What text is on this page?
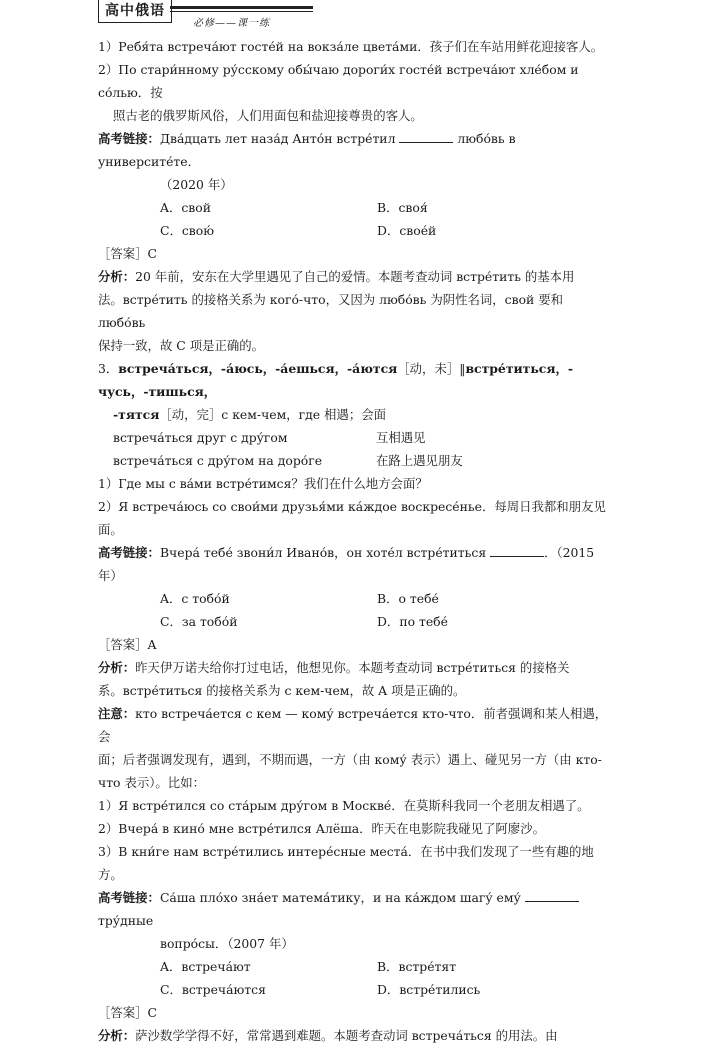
高中俄语
必修——课一练

1）Ребя́та встреча́ют госте́й на вокза́ле цвета́ми．孩子们在车站用鲜花迎接客人。

2）По стари́нному ру́сскому обы́чаю дороги́х госте́й встреча́ют хле́бом и со́лью．按

照古老的俄罗斯风俗，人们用面包和盐迎接尊贵的客人。

高考链接：Два́дцать лет наза́д Анто́н встре́тил	любо́вь в университе́те．

（2020 年）

A．свой	B．своя́
C．свою́	D．свое́й

［答案］C

分析：20 年前，安东在大学里遇见了自己的爱情。本题考查动词 встре́тить 的基本用

法。встре́тить 的接格关系为 кого́-что，又因为 любо́вь 为阴性名词，свой 要和 любо́вь

保持一致，故 C 项是正确的。

3．встреча́ться，-а́юсь，-а́ешься，-а́ются［动，未］‖встре́титься，-чусь，-тишься，

-тятся［动，完］с кем-чем，где 相遇；会面

встреча́ться друг с дру́гом	互相遇见
встреча́ться с дру́гом на доро́ге	在路上遇见朋友

1）Где мы с ва́ми встре́тимся？我们在什么地方会面？

2）Я встреча́юсь со свои́ми друзья́ми ка́ждое воскресе́нье．每周日我都和朋友见面。

高考链接：Вчера́ тебе́ звони́л Ивано́в，он хоте́л встре́титься	．（2015 年）

A．с тобо́й	B．о тебе́
C．за тобо́й	D．по тебе́

［答案］A

分析：昨天伊万诺夫给你打过电话，他想见你。本题考查动词 встре́титься 的接格关

系。встре́титься 的接格关系为 с кем-чем，故 A 项是正确的。

注意：кто встреча́ется с кем — кому́ встреча́ется кто-что．前者强调和某人相遇，会

面；后者强调发现有，遇到，不期而遇，一方（由 кому́ 表示）遇上、碰见另一方（由 кто-

что 表示）。比如：

1）Я встре́тился со ста́рым дру́гом в Москве́．在莫斯科我同一个老朋友相遇了。

2）Вчера́ в кино́ мне встре́тился Алёша．昨天在电影院我碰见了阿廖沙。

3）В кни́ге нам встре́тились интере́сные места́．在书中我们发现了一些有趣的地方。

高考链接：Са́ша пло́хо зна́ет матема́тику，и на ка́ждом шагу́ ему́  тру́дные

вопро́сы．（2007 年）

A．встреча́ют	B．встре́тят
C．встреча́ются	D．встре́тились

［答案］C

分析：萨沙数学学得不好，常常遇到难题。本题考查动词 встреча́ться 的用法。由
